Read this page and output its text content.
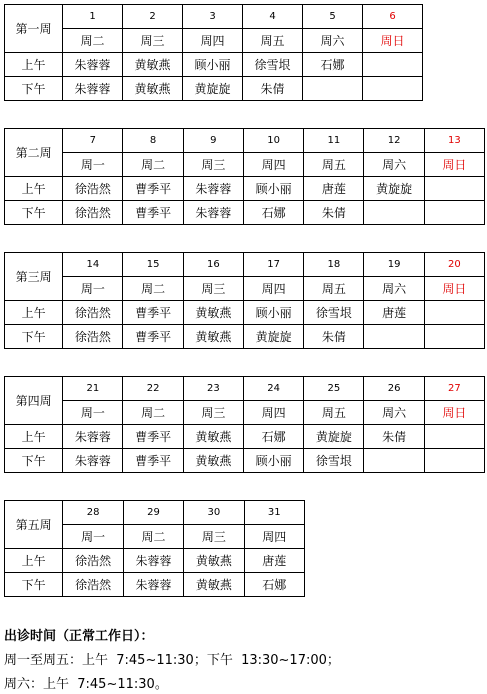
第一周	1	2	3	4	5	6
	周二	周三	周四	周五	周六	周日
上午	朱蓉蓉	黄敏燕	顾小丽	徐雪垠	石娜	
下午	朱蓉蓉	黄敏燕	黄旋旋	朱倩		
第二周	7	8	9	10	11	12	13
	周一	周二	周三	周四	周五	周六	周日
上午	徐浩然	曹季平	朱蓉蓉	顾小丽	唐莲	黄旋旋	
下午	徐浩然	曹季平	朱蓉蓉	石娜	朱倩		
第三周	14	15	16	17	18	19	20
	周一	周二	周三	周四	周五	周六	周日
上午	徐浩然	曹季平	黄敏燕	顾小丽	徐雪垠	唐莲	
下午	徐浩然	曹季平	黄敏燕	黄旋旋	朱倩		
第四周	21	22	23	24	25	26	27
	周一	周二	周三	周四	周五	周六	周日
上午	朱蓉蓉	曹季平	黄敏燕	石娜	黄旋旋	朱倩	
下午	朱蓉蓉	曹季平	黄敏燕	顾小丽	徐雪垠		
第五周	28	29	30	31
	周一	周二	周三	周四
上午	徐浩然	朱蓉蓉	黄敏燕	唐莲
下午	徐浩然	朱蓉蓉	黄敏燕	石娜
出诊时间（正常工作日）：
周一至周五：上午  7:45~11:30；下午  13:30~17:00；
周六：上午  7:45~11:30。
